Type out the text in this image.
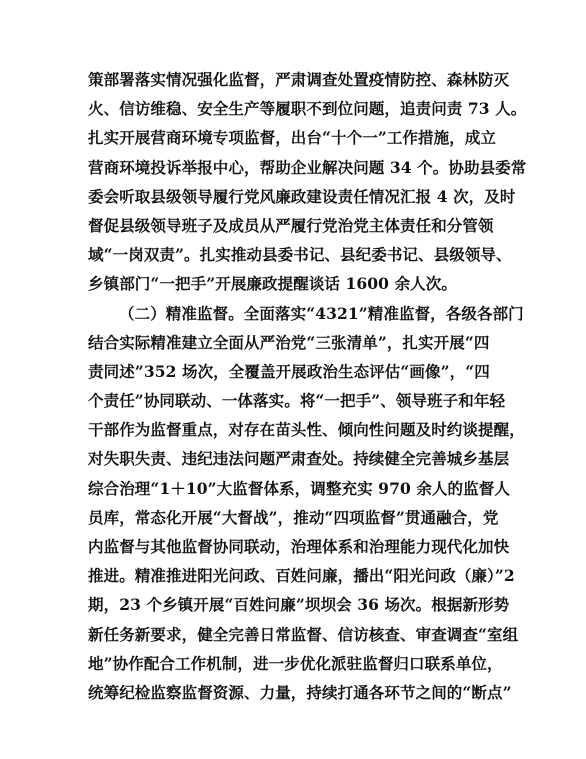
策部署落实情况强化监督，严肃调查处置疫情防控、森林防灭
火、信访维稳、安全生产等履职不到位问题，追责问责 73 人。
扎实开展营商环境专项监督，出台“十个一”工作措施，成立
营商环境投诉举报中心，帮助企业解决问题 34 个。协助县委常
委会听取县级领导履行党风廉政建设责任情况汇报 4 次，及时
督促县级领导班子及成员从严履行党治党主体责任和分管领
域“一岗双责”。扎实推动县委书记、县纪委书记、县级领导、
乡镇部门“一把手”开展廉政提醒谈话 1600 余人次。
（二）精准监督。全面落实“4321”精准监督，各级各部门
结合实际精准建立全面从严治党“三张清单”，扎实开展“四
责同述”352 场次，全覆盖开展政治生态评估“画像”，“四
个责任”协同联动、一体落实。将“一把手”、领导班子和年轻
干部作为监督重点，对存在苗头性、倾向性问题及时约谈提醒，
对失职失责、违纪违法问题严肃查处。持续健全完善城乡基层
综合治理“1＋10”大监督体系，调整充实 970 余人的监督人
员库，常态化开展“大督战”，推动“四项监督”贯通融合，党
内监督与其他监督协同联动，治理体系和治理能力现代化加快
推进。精准推进阳光问政、百姓问廉，播出“阳光问政（廉）”2
期，23 个乡镇开展“百姓问廉”坝坝会 36 场次。根据新形势
新任务新要求，健全完善日常监督、信访核查、审查调查“室组
地”协作配合工作机制，进一步优化派驻监督归口联系单位，
统筹纪检监察监督资源、力量，持续打通各环节之间的“断点”
